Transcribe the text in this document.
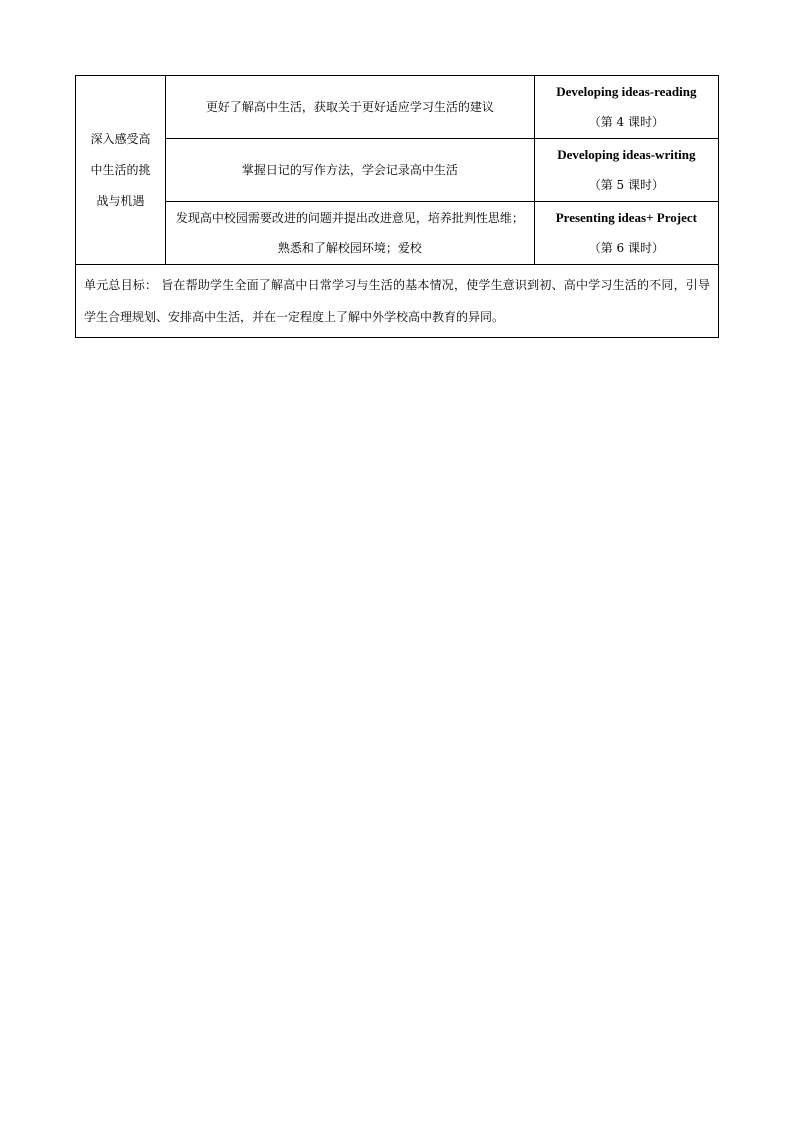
深入感受高中生活的挑战与机遇	更好了解高中生活，获取关于更好适应学习生活的建议	Developing ideas-reading
（第 4 课时）

	掌握日记的写作方法，学会记录高中生活	Developing ideas-writing
（第 5 课时）

	发现高中校园需要改进的问题并提出改进意见，培养批判性思维；熟悉和了解校园环境；爱校	Presenting ideas+ Project
（第 6 课时）

单元总目标： 旨在帮助学生全面了解高中日常学习与生活的基本情况，使学生意识到初、高中学习生活的不同，引导学生合理规划、安排高中生活，并在一定程度上了解中外学校高中教育的异同。		
